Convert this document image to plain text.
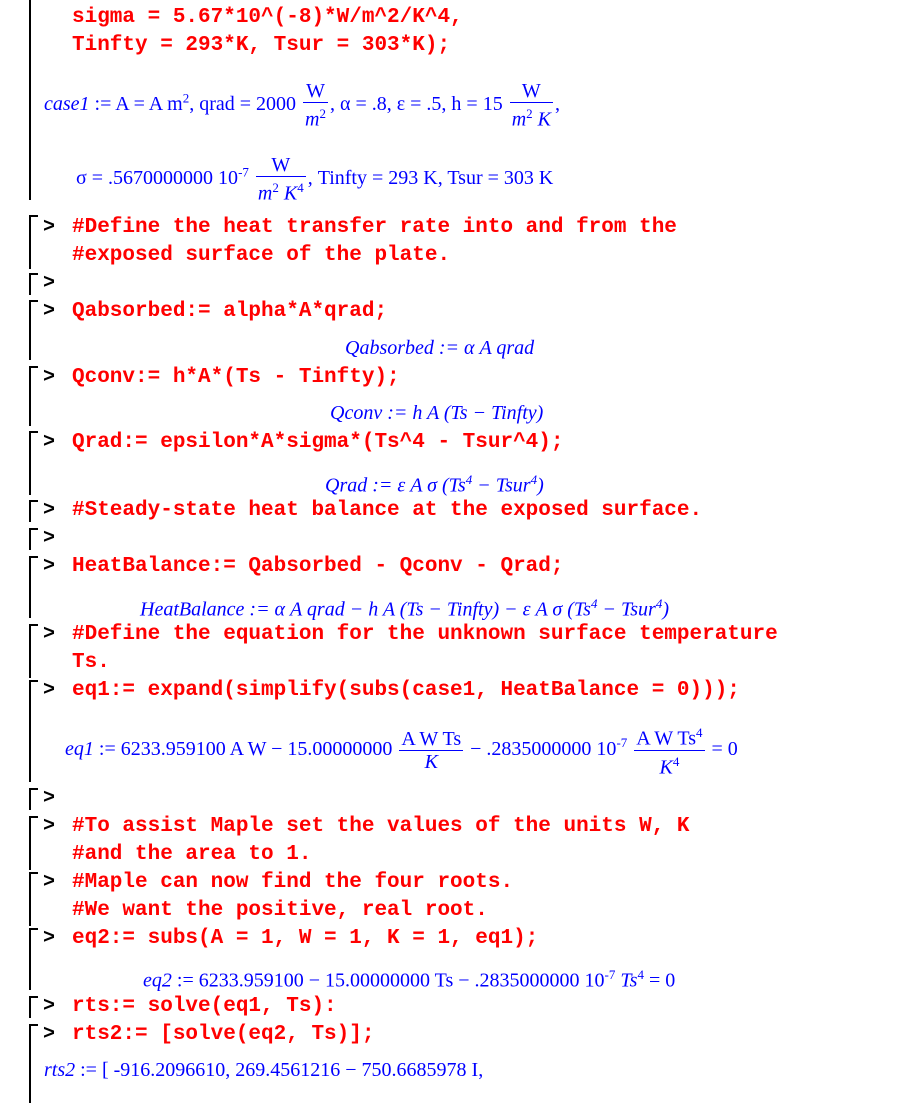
sigma = 5.67*10^(-8)*W/m^2/K^4,
Tinfty = 293*K, Tsur = 303*K);
case1 := A = A $m^2$, qrad = $2000 \frac{W}{m^2}$ , α = .8, ε = .5, $h = 15 \frac{W}{m^2 K}$ ,
σ = .5670000000 $10^{-7} \frac{W}{m^2 K^4}$ , Tinfty = 293 K, Tsur = 303 K
> #Define the heat transfer rate into and from the
#exposed surface of the plate.
>
> Qabsorbed:= alpha*A*qrad;
Qabsorbed := α A qrad
> Qconv:= h*A*(Ts - Tinfty);
Qconv := h A (Ts − Tinfty)
> Qrad:= epsilon*A*sigma*(Ts^4 - Tsur^4);
Qrad := ε A σ ($Ts^4$ − Tsur$^4$)
> #Steady-state heat balance at the exposed surface.
>
> HeatBalance:= Qabsorbed - Qconv - Qrad;
HeatBalance := α A qrad − h A (Ts − Tinfty) − ε A σ ($Ts^4$ − Tsur$^4$)
> #Define the equation for the unknown surface temperature
Ts.
> eq1:= expand(simplify(subs(case1, HeatBalance = 0)));
eq1 := 6233.959100 A $W - 15.00000000 \frac{\text{A W Ts}}{K} - .2835000000$ $10^{-7} \frac{A W Ts^4}{K^4} = 0$
>
> #To assist Maple set the values of the units W, K
#and the area to 1.
> #Maple can now find the four roots.
#We want the positive, real root.
> eq2:= subs(A = 1, W = 1, K = 1, eq1);
eq2 := 6233.959100 − 15.00000000 Ts − .2835000000 $10^{-7}$ $Ts^4 = 0$
> rts:= solve(eq1, Ts):
> rts2:= [solve(eq2, Ts)];
rts2 := [ -916.2096610, 269.4561216 − 750.6685978 I,
